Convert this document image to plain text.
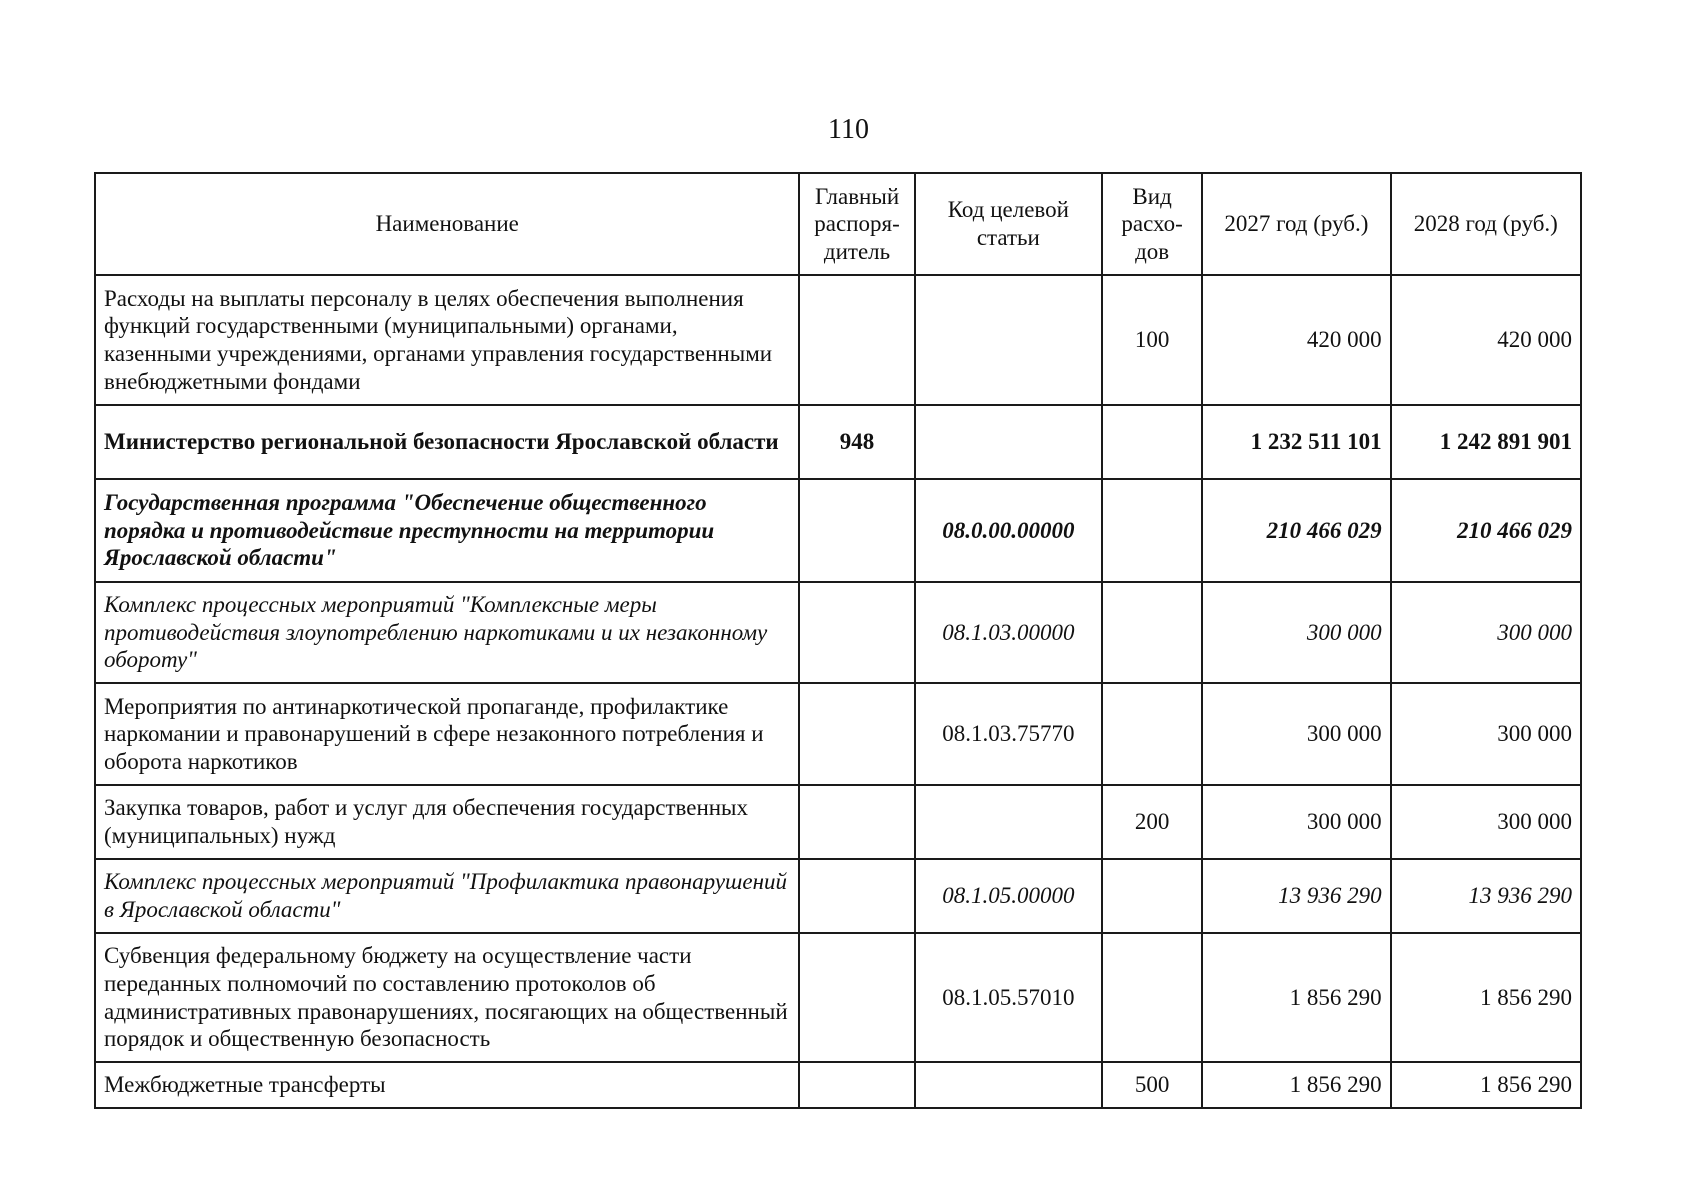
110
Наименование	Главный распоря-дитель	Код целевой статьи	Вид расхо-дов	2027 год (руб.)	2028 год (руб.)
Расходы на выплаты персоналу в целях обеспечения выполнения функций государственными (муниципальными) органами, казенными учреждениями, органами управления государственными внебюджетными фондами			100	420 000	420 000
Министерство региональной безопасности Ярославской области	948			1 232 511 101	1 242 891 901
Государственная программа "Обеспечение общественного порядка и противодействие преступности на территории Ярославской области"		08.0.00.00000		210 466 029	210 466 029
Комплекс процессных мероприятий "Комплексные меры противодействия злоупотреблению наркотиками и их незаконному обороту"		08.1.03.00000		300 000	300 000
Мероприятия по антинаркотической пропаганде, профилактике наркомании и правонарушений в сфере незаконного потребления и оборота наркотиков		08.1.03.75770		300 000	300 000
Закупка товаров, работ и услуг для обеспечения государственных (муниципальных) нужд			200	300 000	300 000
Комплекс процессных мероприятий "Профилактика правонарушений в Ярославской области"		08.1.05.00000		13 936 290	13 936 290
Субвенция федеральному бюджету на осуществление части переданных полномочий по составлению протоколов об административных правонарушениях, посягающих на общественный порядок и общественную безопасность		08.1.05.57010		1 856 290	1 856 290
Межбюджетные трансферты			500	1 856 290	1 856 290
